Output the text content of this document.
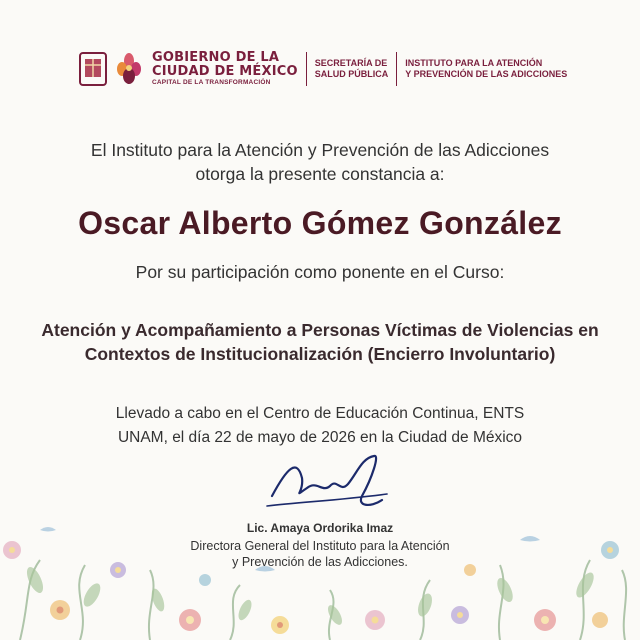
GOBIERNO DE LA
CIUDAD DE MÉXICO
CAPITAL DE LA TRANSFORMACIÓN
SECRETARÍA DE
SALUD PÚBLICA
INSTITUTO PARA LA ATENCIÓN
Y PREVENCIÓN DE LAS ADICCIONES
El Instituto para la Atención y Prevención de las Adicciones
otorga la presente constancia a:
Oscar Alberto Gómez González
Por su participación como ponente en el Curso:
Atención y Acompañamiento a Personas Víctimas de Violencias en
Contextos de Institucionalización (Encierro Involuntario)
Llevado a cabo en el Centro de Educación Continua, ENTS
UNAM, el día 22 de mayo de 2026 en la Ciudad de México
Lic. Amaya Ordorika Imaz
Directora General del Instituto para la Atención
y Prevención de las Adicciones.
